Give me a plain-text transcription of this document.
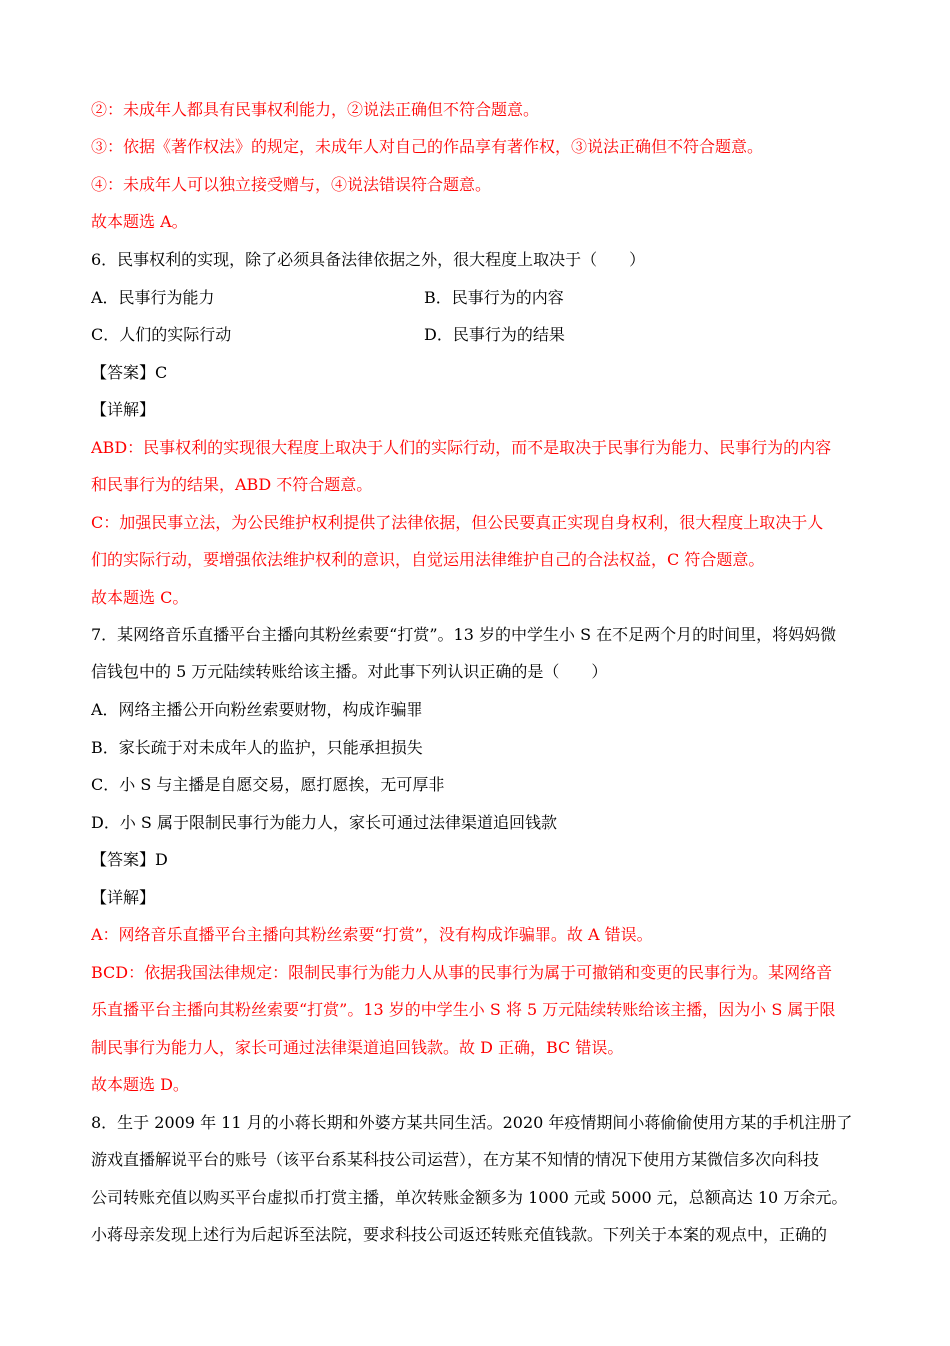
②：未成年人都具有民事权利能力，②说法正确但不符合题意。
③：依据《著作权法》的规定，未成年人对自己的作品享有著作权，③说法正确但不符合题意。
④：未成年人可以独立接受赠与，④说法错误符合题意。
故本题选 A。
6．民事权利的实现，除了必须具备法律依据之外，很大程度上取决于（　　）
A．民事行为能力	B．民事行为的内容
C．人们的实际行动	D．民事行为的结果
【答案】C
【详解】
ABD：民事权利的实现很大程度上取决于人们的实际行动，而不是取决于民事行为能力、民事行为的内容
和民事行为的结果，ABD 不符合题意。
C：加强民事立法，为公民维护权利提供了法律依据，但公民要真正实现自身权利，很大程度上取决于人
们的实际行动，要增强依法维护权利的意识，自觉运用法律维护自己的合法权益，C 符合题意。
故本题选 C。
7．某网络音乐直播平台主播向其粉丝索要“打赏”。13 岁的中学生小 S 在不足两个月的时间里，将妈妈微
信钱包中的 5 万元陆续转账给该主播。对此事下列认识正确的是（　　）
A．网络主播公开向粉丝索要财物，构成诈骗罪
B．家长疏于对未成年人的监护，只能承担损失
C．小 S 与主播是自愿交易，愿打愿挨，无可厚非
D．小 S 属于限制民事行为能力人，家长可通过法律渠道追回钱款
【答案】D
【详解】
A：网络音乐直播平台主播向其粉丝索要“打赏”，没有构成诈骗罪。故 A 错误。
BCD：依据我国法律规定：限制民事行为能力人从事的民事行为属于可撤销和变更的民事行为。某网络音
乐直播平台主播向其粉丝索要“打赏”。13 岁的中学生小 S 将 5 万元陆续转账给该主播，因为小 S 属于限
制民事行为能力人，家长可通过法律渠道追回钱款。故 D 正确，BC 错误。
故本题选 D。
8．生于 2009 年 11 月的小蒋长期和外婆方某共同生活。2020 年疫情期间小蒋偷偷使用方某的手机注册了
游戏直播解说平台的账号（该平台系某科技公司运营），在方某不知情的情况下使用方某微信多次向科技
公司转账充值以购买平台虚拟币打赏主播，单次转账金额多为 1000 元或 5000 元，总额高达 10 万余元。
小蒋母亲发现上述行为后起诉至法院，要求科技公司返还转账充值钱款。下列关于本案的观点中，正确的
